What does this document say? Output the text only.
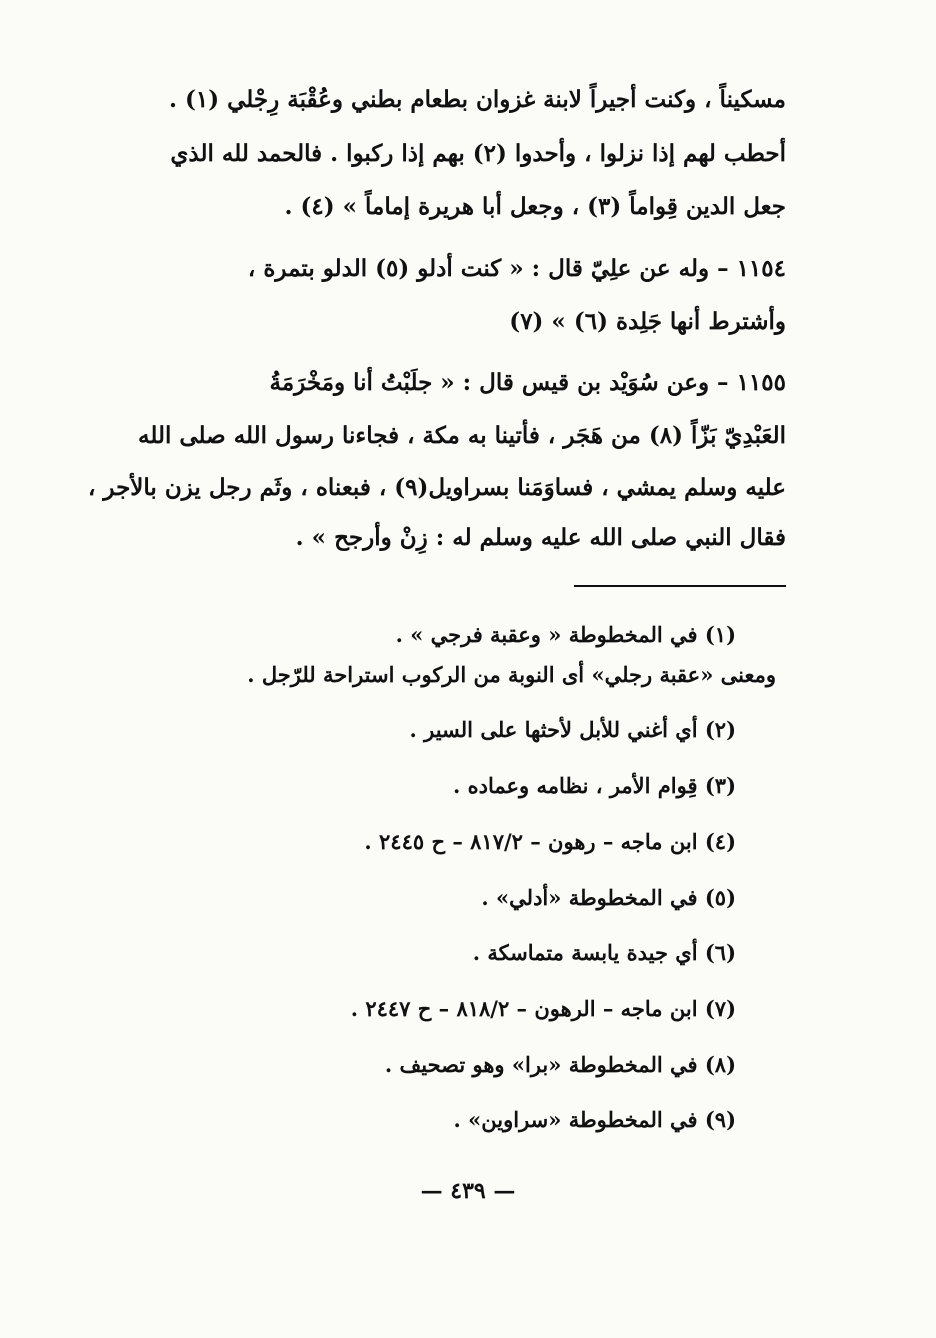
مسكيناً ، وكنت أجيراً لابنة غزوان بطعام بطني وعُقْبَة رِجْلي (١) .
أحطب لهم إذا نزلوا ، وأحدوا (٢) بهم إذا ركبوا . فالحمد لله الذي
جعل الدين قِواماً (٣) ، وجعل أبا هريرة إماماً » (٤) .
١١٥٤ – وله عن علِيّ قال : « كنت أدلو (٥) الدلو بتمرة ،
وأشترط أنها جَلِدة (٦) » (٧)
١١٥٥ – وعن سُوَيْد بن قيس قال : « جلَبْتُ أنا ومَخْرَمَةُ
العَبْدِيّ بَزّاً (٨) من هَجَر ، فأتينا به مكة ، فجاءنا رسول الله صلى الله
عليه وسلم يمشي ، فساوَمَنا بسراويل(٩) ، فبعناه ، وثَم رجل يزن بالأجر ،
فقال النبي صلى الله عليه وسلم له : زِنْ وأرجح » .
(١) في المخطوطة « وعقبة فرجي » .
ومعنى «عقبة رجلي» أى النوبة من الركوب استراحة للرّجل .
(٢) أي أغني للأبل لأحثها على السير .
(٣) قِوام الأمر ، نظامه وعماده .
(٤) ابن ماجه – رهون – ٨١٧/٢ – ح ٢٤٤٥ .
(٥) في المخطوطة «أدلي» .
(٦) أي جيدة يابسة متماسكة .
(٧) ابن ماجه – الرهون – ٨١٨/٢ – ح ٢٤٤٧ .
(٨) في المخطوطة «برا» وهو تصحيف .
(٩) في المخطوطة «سراوين» .
— ٤٣٩ —
